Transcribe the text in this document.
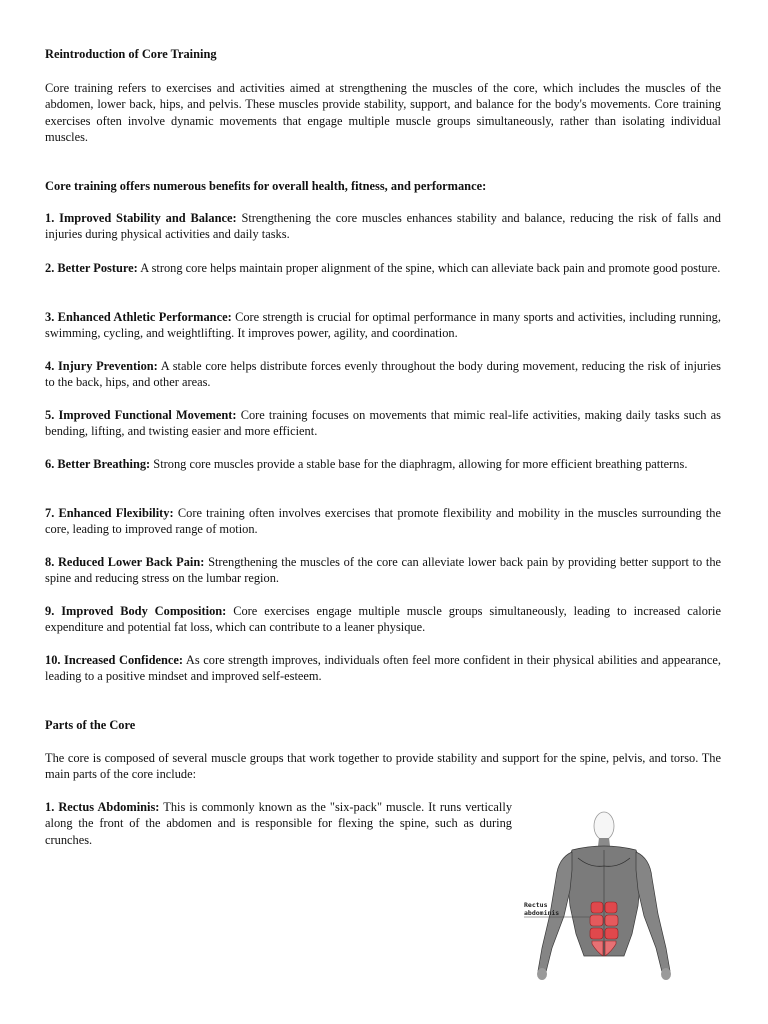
Reintroduction of Core Training

Core training refers to exercises and activities aimed at strengthening the muscles of the core, which includes the muscles of the abdomen, lower back, hips, and pelvis. These muscles provide stability, support, and balance for the body's movements. Core training exercises often involve dynamic movements that engage multiple muscle groups simultaneously, rather than isolating individual muscles.

Core training offers numerous benefits for overall health, fitness, and performance:

1. Improved Stability and Balance: Strengthening the core muscles enhances stability and balance, reducing the risk of falls and injuries during physical activities and daily tasks.

2. Better Posture: A strong core helps maintain proper alignment of the spine, which can alleviate back pain and promote good posture.

3. Enhanced Athletic Performance: Core strength is crucial for optimal performance in many sports and activities, including running, swimming, cycling, and weightlifting. It improves power, agility, and coordination.

4. Injury Prevention: A stable core helps distribute forces evenly throughout the body during movement, reducing the risk of injuries to the back, hips, and other areas.

5. Improved Functional Movement: Core training focuses on movements that mimic real-life activities, making daily tasks such as bending, lifting, and twisting easier and more efficient.

6. Better Breathing: Strong core muscles provide a stable base for the diaphragm, allowing for more efficient breathing patterns.

7. Enhanced Flexibility: Core training often involves exercises that promote flexibility and mobility in the muscles surrounding the core, leading to improved range of motion.

8. Reduced Lower Back Pain: Strengthening the muscles of the core can alleviate lower back pain by providing better support to the spine and reducing stress on the lumbar region.

9. Improved Body Composition: Core exercises engage multiple muscle groups simultaneously, leading to increased calorie expenditure and potential fat loss, which can contribute to a leaner physique.

10. Increased Confidence: As core strength improves, individuals often feel more confident in their physical abilities and appearance, leading to a positive mindset and improved self-esteem.

Parts of the Core

The core is composed of several muscle groups that work together to provide stability and support for the spine, pelvis, and torso. The main parts of the core include:

1. Rectus Abdominis: This is commonly known as the "six-pack" muscle. It runs vertically along the front of the abdomen and is responsible for flexing the spine, such as during crunches.

Rectus
abdominis
